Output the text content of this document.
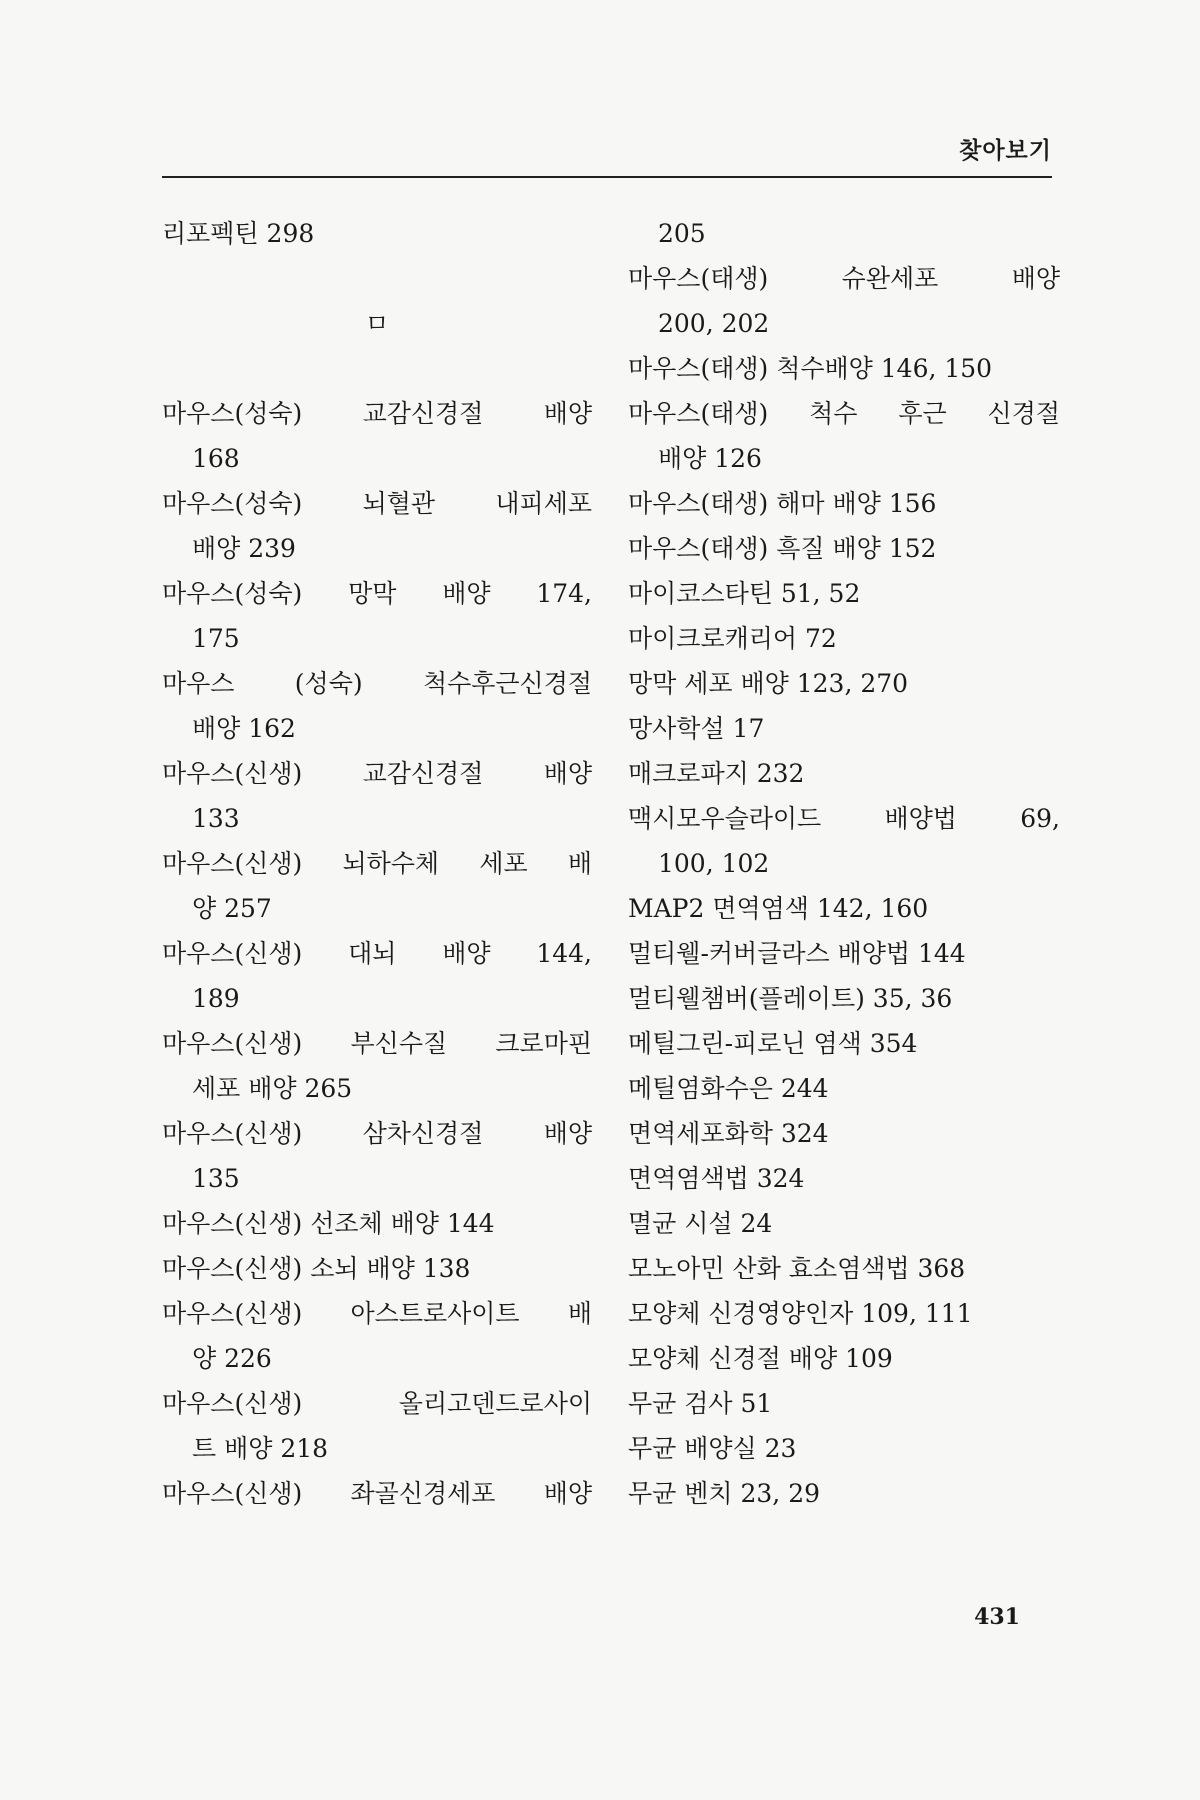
찾아보기
리포펙틴 298
ㅁ
마우스(성숙) 교감신경절 배양
168
마우스(성숙) 뇌혈관 내피세포
배양 239
마우스(성숙) 망막 배양 174,
175
마우스 (성숙) 척수후근신경절
배양 162
마우스(신생) 교감신경절 배양
133
마우스(신생) 뇌하수체 세포 배
양 257
마우스(신생) 대뇌 배양 144,
189
마우스(신생) 부신수질 크로마핀
세포 배양 265
마우스(신생) 삼차신경절 배양
135
마우스(신생) 선조체 배양 144
마우스(신생) 소뇌 배양 138
마우스(신생) 아스트로사이트 배
양 226
마우스(신생) 올리고덴드로사이
트 배양 218
마우스(신생) 좌골신경세포 배양
205
마우스(태생) 슈완세포 배양
200, 202
마우스(태생) 척수배양 146, 150
마우스(태생) 척수 후근 신경절
배양 126
마우스(태생) 해마 배양 156
마우스(태생) 흑질 배양 152
마이코스타틴 51, 52
마이크로캐리어 72
망막 세포 배양 123, 270
망사학설 17
매크로파지 232
맥시모우슬라이드 배양법 69,
100, 102
MAP2 면역염색 142, 160
멀티웰-커버글라스 배양법 144
멀티웰챔버(플레이트) 35, 36
메틸그린-피로닌 염색 354
메틸염화수은 244
면역세포화학 324
면역염색법 324
멸균 시설 24
모노아민 산화 효소염색법 368
모양체 신경영양인자 109, 111
모양체 신경절 배양 109
무균 검사 51
무균 배양실 23
무균 벤치 23, 29
431
